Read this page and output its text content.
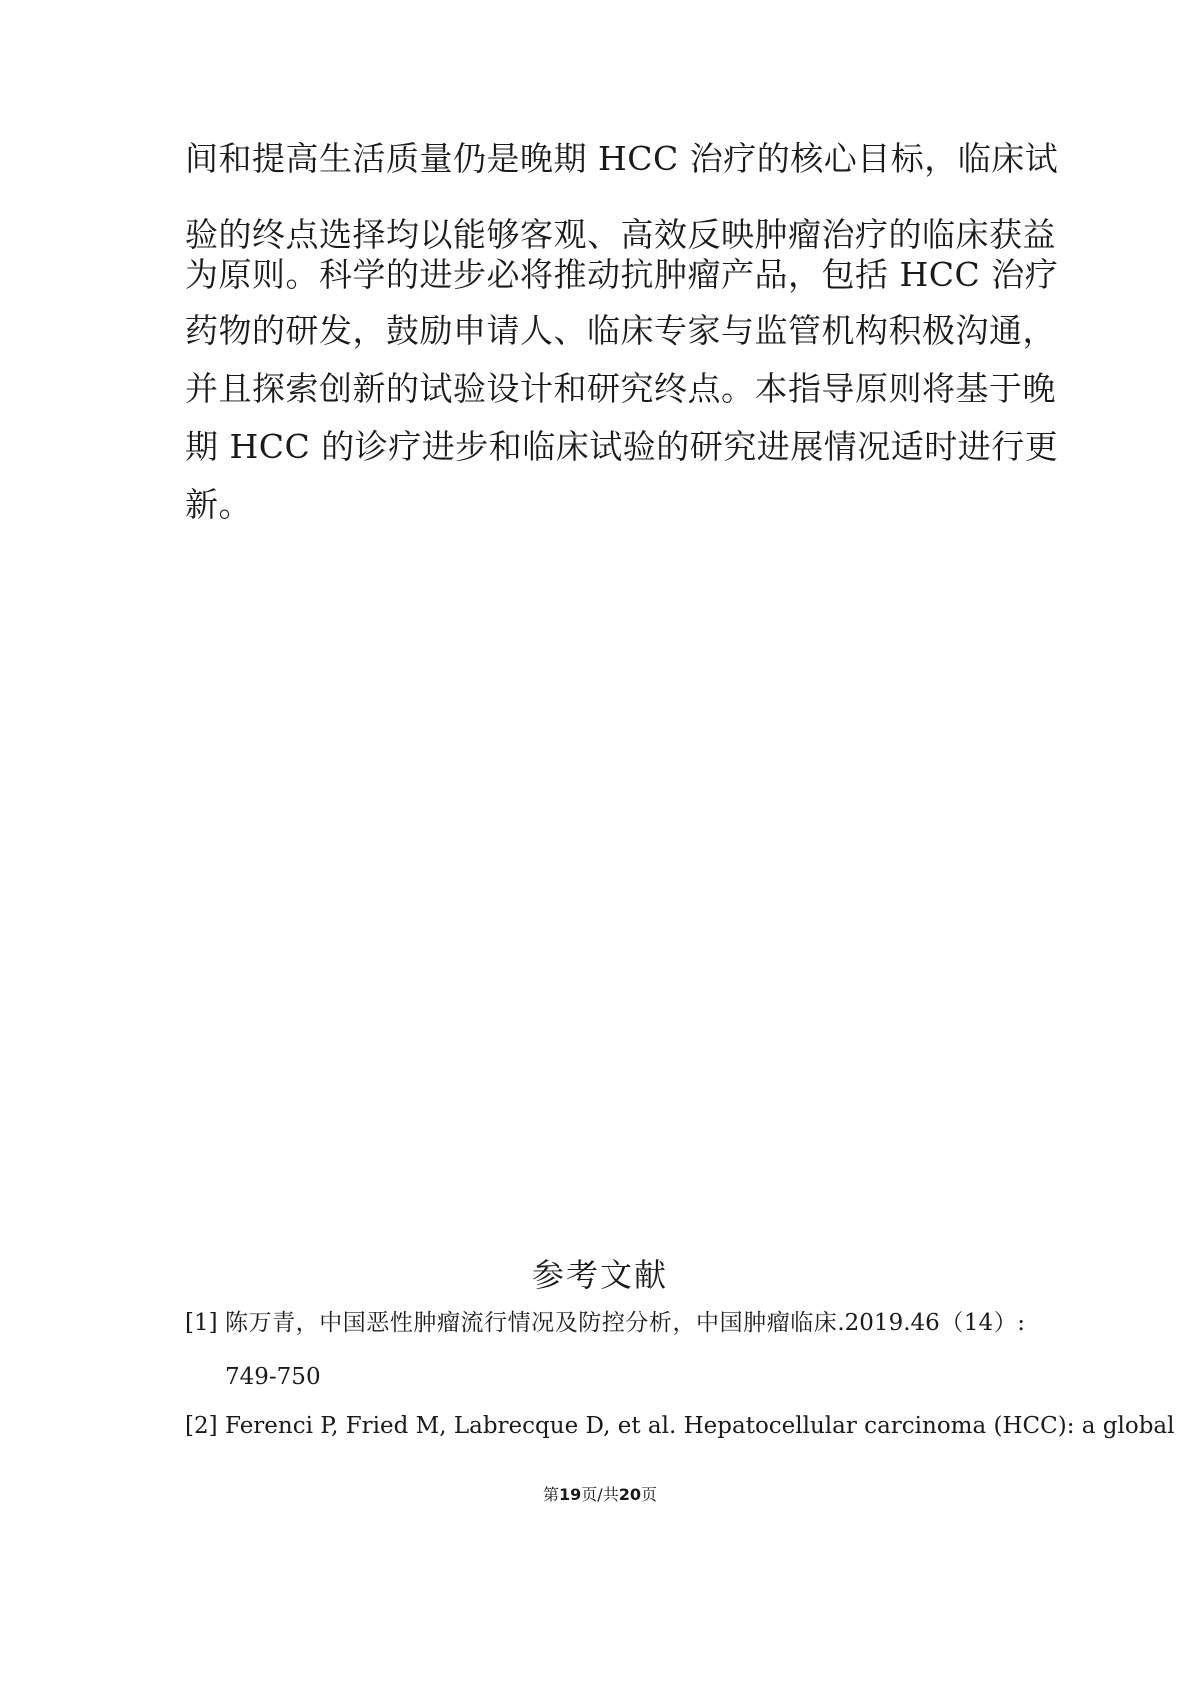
间和提高生活质量仍是晚期 HCC 治疗的核心目标，临床试
验的终点选择均以能够客观、高效反映肿瘤治疗的临床获益
为原则。科学的进步必将推动抗肿瘤产品，包括 HCC 治疗
药物的研发，鼓励申请人、临床专家与监管机构积极沟通，
并且探索创新的试验设计和研究终点。本指导原则将基于晚
期 HCC 的诊疗进步和临床试验的研究进展情况适时进行更
新。
参考文献
[1] 陈万青，中国恶性肿瘤流行情况及防控分析，中国肿瘤临床.2019.46（14）:
749-750
[2] Ferenci P, Fried M, Labrecque D, et al. Hepatocellular carcinoma (HCC): a global
第19页/共20页
